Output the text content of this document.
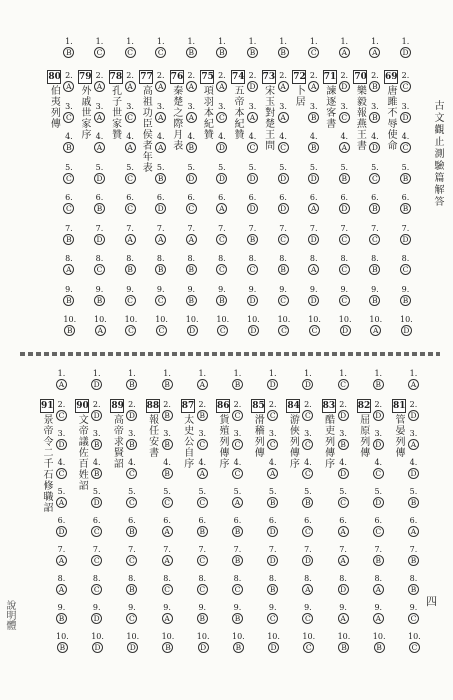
古文觀止測驗篇解答
四
說明體
1.
B
80
伯夷列傳
2.
A
3.
C
4.
B
5.
C
6.
C
7.
B
8.
A
9.
B
10.
B
1.
C
79
外戚世家序
2.
A
3.
A
4.
A
5.
D
6.
B
7.
D
8.
C
9.
B
10.
A
1.
C
78
孔子世家贊
2.
A
3.
C
4.
A
5.
C
6.
C
7.
A
8.
B
9.
C
10.
C
1.
C
77
高祖功臣侯者年表
2.
A
3.
A
4.
A
5.
B
6.
D
7.
A
8.
B
9.
C
10.
C
1.
B
76
秦楚之際月表
2.
A
3.
A
4.
B
5.
D
6.
C
7.
A
8.
B
9.
B
10.
D
1.
B
75
項羽本紀贊
2.
A
3.
C
4.
D
5.
D
6.
A
7.
C
8.
C
9.
B
10.
C
1.
B
74
五帝本紀贊
2.
D
3.
A
4.
C
5.
D
6.
D
7.
B
8.
C
9.
D
10.
D
1.
B
73
宋玉對楚王問
2.
A
3.
A
4.
C
5.
D
6.
D
7.
C
8.
B
9.
C
10.
C
1.
C
72
卜居
2.
A
3.
B
4.
B
5.
D
6.
A
7.
D
8.
A
9.
D
10.
C
1.
A
71
諫逐客書
2.
D
3.
C
4.
A
5.
B
6.
D
7.
C
8.
C
9.
C
10.
D
1.
A
70
樂毅報燕王書
2.
B
3.
B
4.
D
5.
C
6.
B
7.
C
8.
B
9.
B
10.
A
1.
D
69
唐雎不辱使命
2.
C
3.
D
4.
C
5.
B
6.
B
7.
D
8.
C
9.
B
10.
D
1.
A
91
景帝令二千石修職詔
2.
C
3.
D
4.
C
5.
A
6.
D
7.
A
8.
A
9.
B
10.
B
1.
D
90
文帝議佐百姓詔
2.
D
3.
B
4.
B
5.
D
6.
C
7.
C
8.
C
9.
D
10.
D
1.
B
89
高帝求賢詔
2.
D
3.
B
4.
C
5.
C
6.
B
7.
C
8.
B
9.
C
10.
D
1.
B
88
報任安書
2.
B
3.
B
4.
B
5.
C
6.
A
7.
A
8.
C
9.
A
10.
B
1.
A
87
太史公自序
2.
B
3.
C
4.
A
5.
C
6.
B
7.
C
8.
C
9.
B
10.
D
1.
B
86
貨殖列傳序
2.
C
3.
C
4.
C
5.
A
6.
B
7.
B
8.
C
9.
B
10.
B
1.
D
85
滑稽列傳
2.
C
3.
C
4.
A
5.
B
6.
D
7.
D
8.
B
9.
C
10.
D
1.
D
84
游俠列傳序
2.
C
3.
C
4.
C
5.
B
6.
C
7.
D
8.
A
9.
C
10.
C
1.
C
83
酷吏列傳序
2.
D
3.
B
4.
D
5.
C
6.
A
7.
A
8.
D
9.
A
10.
B
1.
B
82
屈原列傳
2.
D
3.
D
4.
C
5.
D
6.
C
7.
B
8.
A
9.
A
10.
B
1.
A
81
管晏列傳
2.
D
3.
A
4.
D
5.
B
6.
A
7.
B
8.
B
9.
C
10.
C
